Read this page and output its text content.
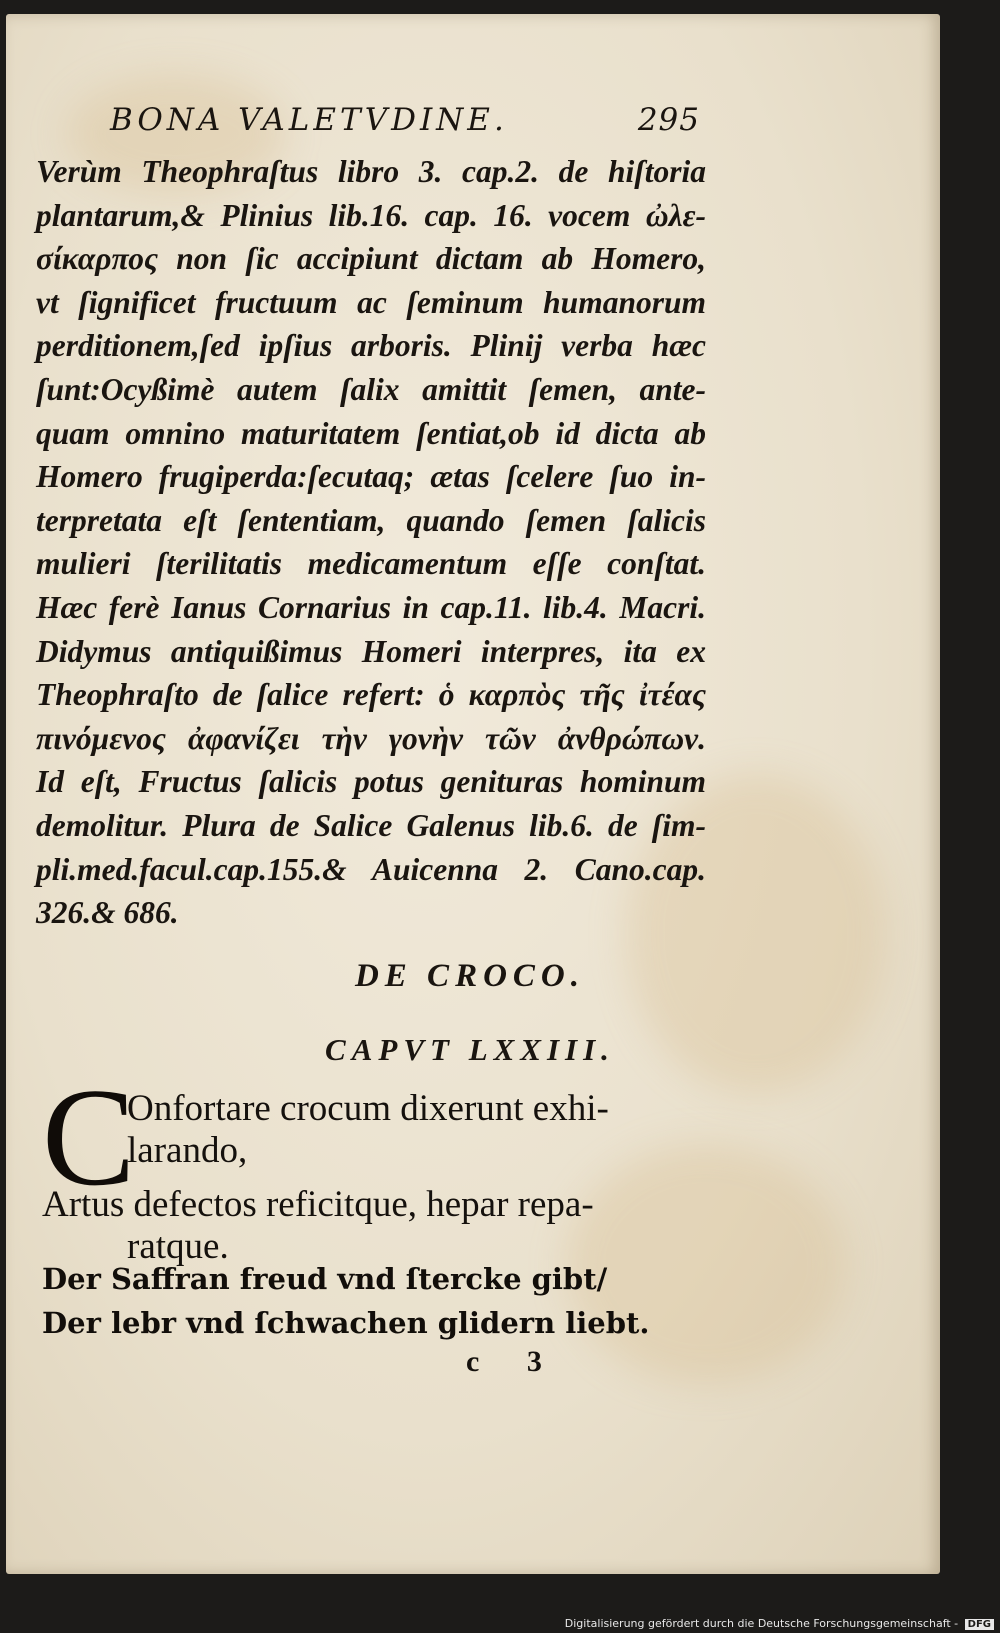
BONA VALETVDINE.	295
Verùm Theophraſtus libro 3. cap.2. de hiſtoria
plantarum,& Plinius lib.16. cap. 16. vocem ὠλε-
σίκαρπος non ſic accipiunt dictam ab Homero,
vt ſignificet fructuum ac ſeminum humanorum
perditionem,ſed ipſius arboris. Plinij verba hæc
ſunt:Ocyßimè autem ſalix amittit ſemen, ante-
quam omnino maturitatem ſentiat,ob id dicta ab
Homero frugiperda:ſecutaq; ætas ſcelere ſuo in-
terpretata eſt ſententiam, quando ſemen ſalicis
mulieri ſterilitatis medicamentum eſſe conſtat.
Hæc ferè Ianus Cornarius in cap.11. lib.4. Macri.
Didymus antiquißimus Homeri interpres, ita ex
Theophraſto de ſalice refert: ὁ καρπὸς τῆς ἰτέας
πινόμενος ἀφανίζει τὴν γονὴν τῶν ἀνθρώπων.
Id eſt, Fructus ſalicis potus genituras hominum
demolitur. Plura de Salice Galenus lib.6. de ſim-
pli.med.facul.cap.155.& Auicenna 2. Cano.cap.
326.& 686.
DE CROCO.
CAPVT LXXIII.
C
Onfortare crocum dixerunt exhi-
larando,
Artus defectos reficitque, hepar repa-
ratque.
Der Saffran freud vnd ſtercke gibt/
Der lebr vnd ſchwachen glidern liebt.
c 3
Digitalisierung gefördert durch die Deutsche Forschungsgemeinschaft - DFG
